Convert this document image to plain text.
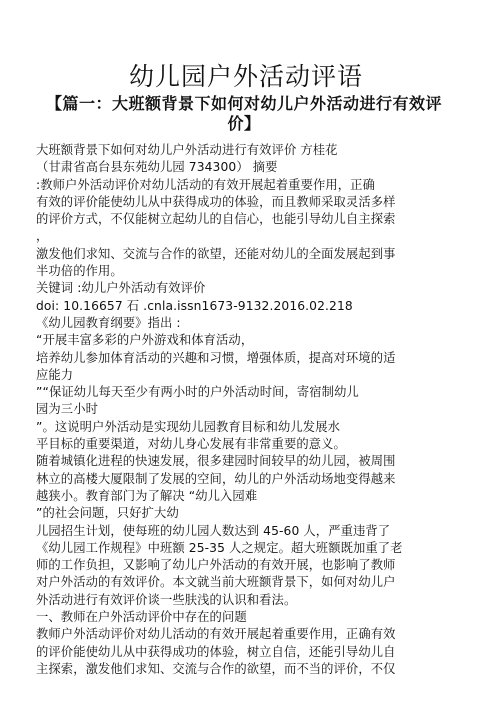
幼儿园户外活动评语
【篇一：大班额背景下如何对幼儿户外活动进行有效评 价】
大班额背景下如何对幼儿户外活动进行有效评价 方桂花
（甘肃省高台县东苑幼儿园 734300） 摘要
:教师户外活动评价对幼儿活动的有效开展起着重要作用，正确
有效的评价能使幼儿从中获得成功的体验，而且教师采取灵活多样
的评价方式，不仅能树立起幼儿的自信心，也能引导幼儿自主探索
，
激发他们求知、交流与合作的欲望，还能对幼儿的全面发展起到事
半功倍的作用。
关键词 :幼儿户外活动有效评价
doi: 10.16657 石 .cnla.issn1673-9132.2016.02.218
《幼儿园教育纲要》指出 :
“开展丰富多彩的户外游戏和体育活动，
培养幼儿参加体育活动的兴趣和习惯，增强体质，提高对环境的适
应能力
”“保证幼儿每天至少有两小时的户外活动时间，寄宿制幼儿
园为三小时
”。这说明户外活动是实现幼儿园教育目标和幼儿发展水
平目标的重要渠道，对幼儿身心发展有非常重要的意义。
随着城镇化进程的快速发展，很多建园时间较早的幼儿园，被周围
林立的高楼大厦限制了发展的空间，幼儿的户外活动场地变得越来
越狭小。教育部门为了解决 “幼儿入园难
”的社会问题，只好扩大幼
儿园招生计划，使每班的幼儿园人数达到 45-60 人，严重违背了
《幼儿园工作规程》中班额 25-35 人之规定。超大班额既加重了老
师的工作负担，又影响了幼儿户外活动的有效开展，也影响了教师
对户外活动的有效评价。本文就当前大班额背景下，如何对幼儿户
外活动进行有效评价谈一些肤浅的认识和看法。
一、教师在户外活动评价中存在的问题
教师户外活动评价对幼儿活动的有效开展起着重要作用，正确有效
的评价能使幼儿从中获得成功的体验，树立自信，还能引导幼儿自
主探索，激发他们求知、交流与合作的欲望，而不当的评价，不仅
